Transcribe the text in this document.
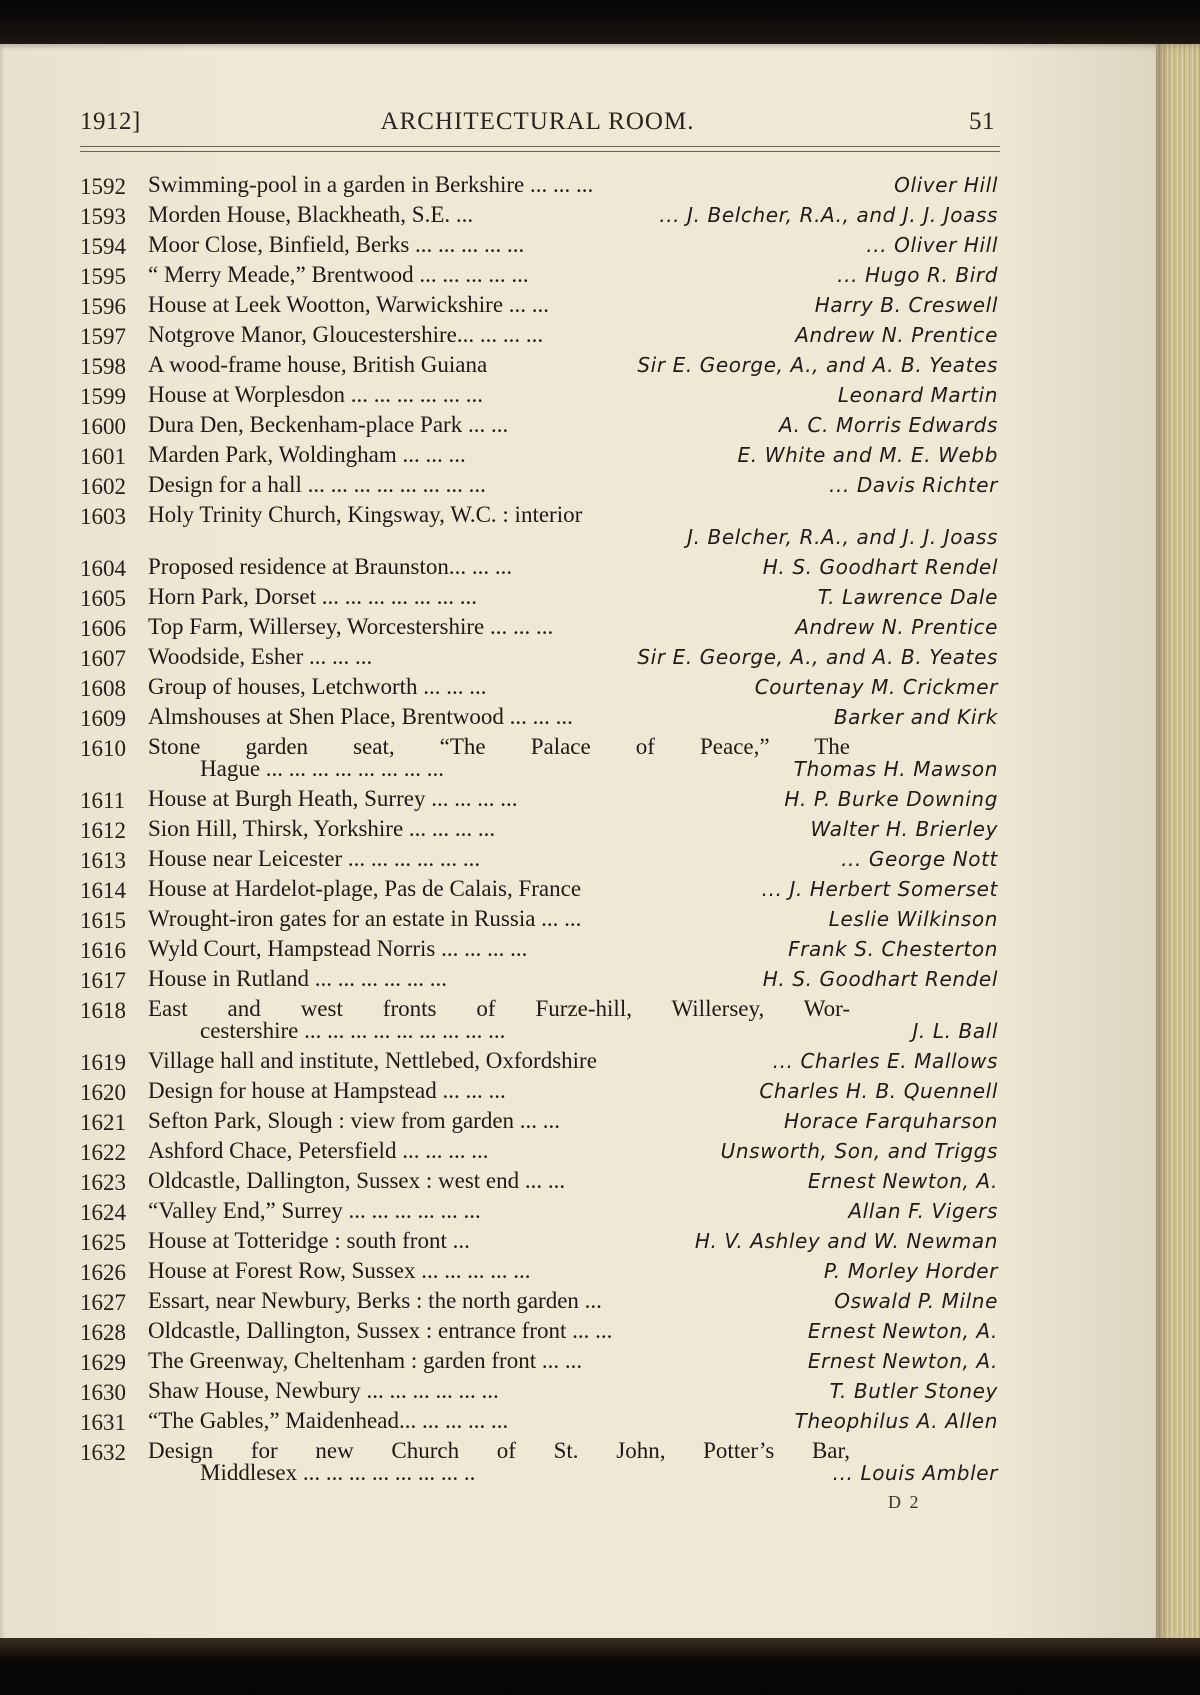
1912]	ARCHITECTURAL ROOM.	51
1592 Swimming-pool in a garden in Berkshire ... ... ...	Oliver Hill
1593 Morden House, Blackheath, S.E. ...	... J. Belcher, R.A., and J. J. Joass
1594 Moor Close, Binfield, Berks ... ... ... ... ...	... Oliver Hill
1595 “ Merry Meade,” Brentwood ... ... ... ... ...	... Hugo R. Bird
1596 House at Leek Wootton, Warwickshire ... ...	Harry B. Creswell
1597 Notgrove Manor, Gloucestershire... ... ... ...	Andrew N. Prentice
1598 A wood-frame house, British Guiana	Sir E. George, A., and A. B. Yeates
1599 House at Worplesdon ... ... ... ... ... ...	Leonard Martin
1600 Dura Den, Beckenham-place Park ... ...	A. C. Morris Edwards
1601 Marden Park, Woldingham ... ... ...	E. White and M. E. Webb
1602 Design for a hall ... ... ... ... ... ... ... ...	... Davis Richter
1603 Holy Trinity Church, Kingsway, W.C. : interior
J. Belcher, R.A., and J. J. Joass
1604 Proposed residence at Braunston... ... ...	H. S. Goodhart Rendel
1605 Horn Park, Dorset ... ... ... ... ... ... ...	T. Lawrence Dale
1606 Top Farm, Willersey, Worcestershire ... ... ...	Andrew N. Prentice
1607 Woodside, Esher ... ... ...	Sir E. George, A., and A. B. Yeates
1608 Group of houses, Letchworth ... ... ...	Courtenay M. Crickmer
1609 Almshouses at Shen Place, Brentwood ... ... ...	Barker and Kirk
1610 Stone garden seat, “The Palace of Peace,” The
Hague ... ... ... ... ... ... ... ...	Thomas H. Mawson
1611 House at Burgh Heath, Surrey ... ... ... ...	H. P. Burke Downing
1612 Sion Hill, Thirsk, Yorkshire ... ... ... ...	Walter H. Brierley
1613 House near Leicester ... ... ... ... ... ...	... George Nott
1614 House at Hardelot-plage, Pas de Calais, France	... J. Herbert Somerset
1615 Wrought-iron gates for an estate in Russia ... ...	Leslie Wilkinson
1616 Wyld Court, Hampstead Norris ... ... ... ...	Frank S. Chesterton
1617 House in Rutland ... ... ... ... ... ...	H. S. Goodhart Rendel
1618 East and west fronts of Furze-hill, Willersey, Wor-
cestershire ... ... ... ... ... ... ... ... ...	J. L. Ball
1619 Village hall and institute, Nettlebed, Oxfordshire	... Charles E. Mallows
1620 Design for house at Hampstead ... ... ...	Charles H. B. Quennell
1621 Sefton Park, Slough : view from garden ... ...	Horace Farquharson
1622 Ashford Chace, Petersfield ... ... ... ...	Unsworth, Son, and Triggs
1623 Oldcastle, Dallington, Sussex : west end ... ...	Ernest Newton, A.
1624 “Valley End,” Surrey ... ... ... ... ... ...	Allan F. Vigers
1625 House at Totteridge : south front ...	H. V. Ashley and W. Newman
1626 House at Forest Row, Sussex ... ... ... ... ...	P. Morley Horder
1627 Essart, near Newbury, Berks : the north garden ...	Oswald P. Milne
1628 Oldcastle, Dallington, Sussex : entrance front ... ...	Ernest Newton, A.
1629 The Greenway, Cheltenham : garden front ... ...	Ernest Newton, A.
1630 Shaw House, Newbury ... ... ... ... ... ...	T. Butler Stoney
1631 “The Gables,” Maidenhead... ... ... ... ...	Theophilus A. Allen
1632 Design for new Church of St. John, Potter’s Bar,
Middlesex ... ... ... ... ... ... ... ..	... Louis Ambler
D 2
